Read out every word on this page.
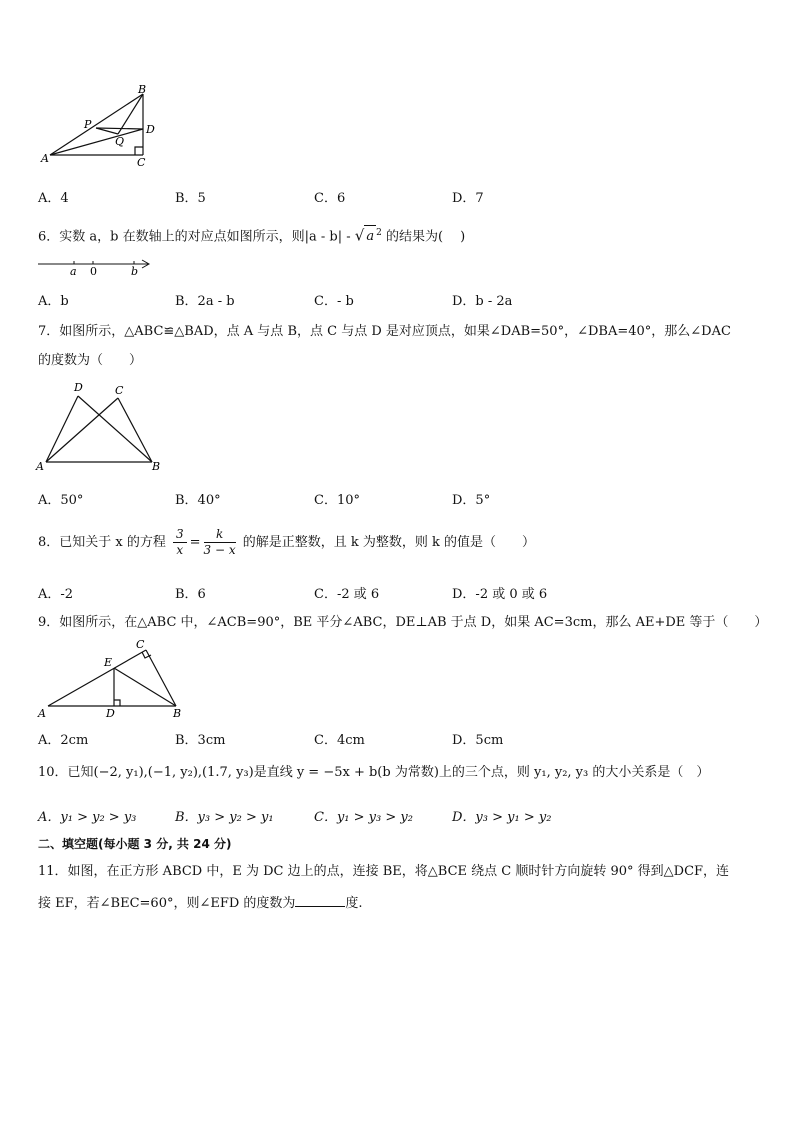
B
A	C
D
P
Q
A．4	B．5	C．6	D．7
6．实数 a，b 在数轴上的对应点如图所示，则|a - b| - √ a $^2$ 的结果为(　 )
a 0	b
A．b	B．2a - b	C．- b	D．b - 2a
7．如图所示，△ABC≌△BAD，点 A 与点 B，点 C 与点 D 是对应顶点，如果∠DAB=50°，∠DBA=40°，那么∠DAC
的度数为（　　）
D	C
A	B
A．50°	B．40°	C．10°	D．5°
8．已知关于 x 的方程 $\frac{3}{x} = \frac{k}{3 - x}$ 的解是正整数，且 k 为整数，则 k 的值是（　　）
A．-2	B．6	C．-2 或 6	D．-2 或 0 或 6
9．如图所示，在△ABC 中，∠ACB=90°，BE 平分∠ABC，DE⊥AB 于点 D，如果 AC=3cm，那么 AE+DE 等于（　　）
C
E
A	D	B
A．2cm	B．3cm	C．4cm	D．5cm
10．已知(−2, y₁),(−1, y₂),(1.7, y₃)是直线 y = −5x + b(b 为常数)上的三个点，则 y₁, y₂, y₃ 的大小关系是（　）
A．y₁ > y₂ > y₃	B．y₃ > y₂ > y₁	C．y₁ > y₃ > y₂	D．y₃ > y₁ > y₂
二、填空题(每小题 3 分, 共 24 分)
11．如图，在正方形 ABCD 中，E 为 DC 边上的点，连接 BE，将△BCE 绕点 C 顺时针方向旋转 90° 得到△DCF，连
接 EF，若∠BEC=60°，则∠EFD 的度数为	度.
